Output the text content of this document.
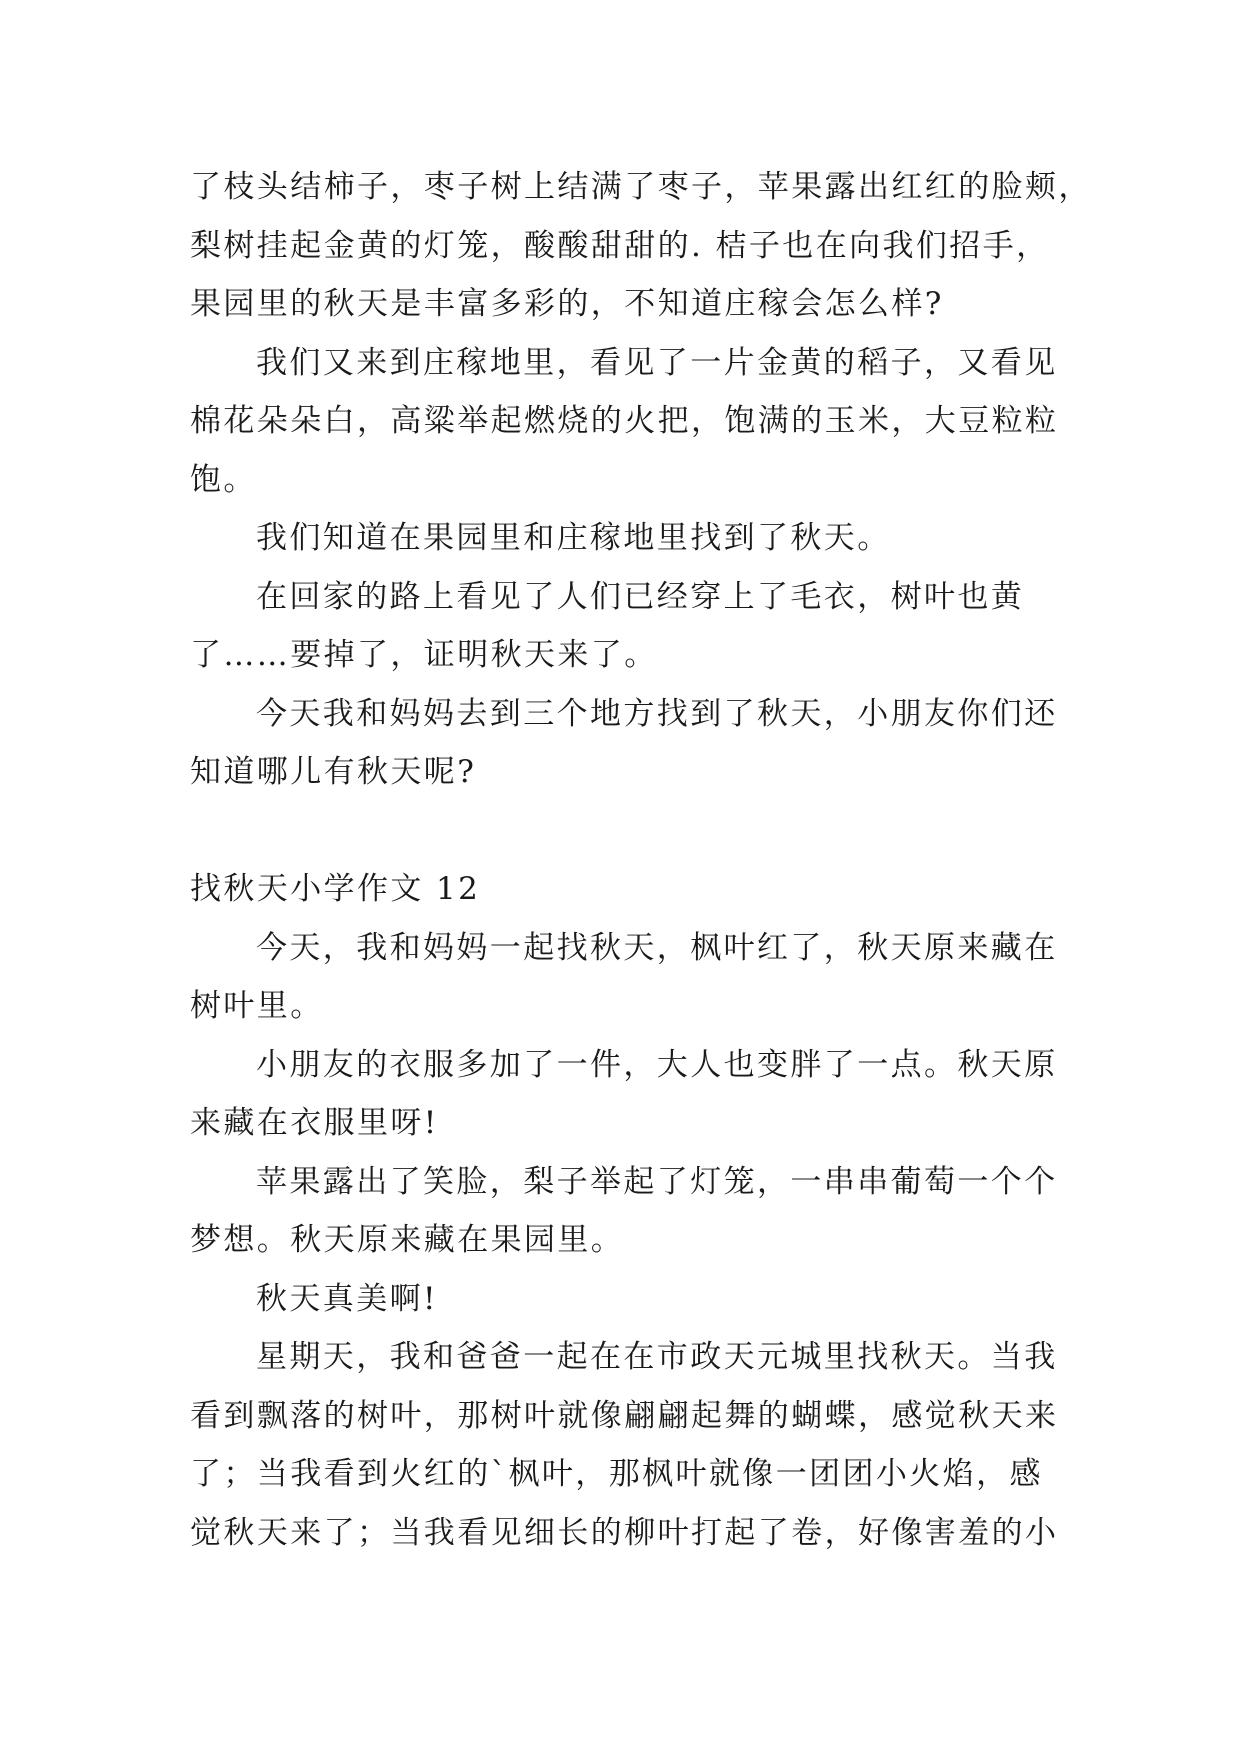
了枝头结柿子，枣子树上结满了枣子，苹果露出红红的脸颊，
梨树挂起金黄的灯笼，酸酸甜甜的. 桔子也在向我们招手，
果园里的秋天是丰富多彩的，不知道庄稼会怎么样?
我们又来到庄稼地里，看见了一片金黄的稻子，又看见
棉花朵朵白，高粱举起燃烧的火把，饱满的玉米，大豆粒粒
饱。
我们知道在果园里和庄稼地里找到了秋天。
在回家的路上看见了人们已经穿上了毛衣，树叶也黄
了……要掉了，证明秋天来了。
今天我和妈妈去到三个地方找到了秋天，小朋友你们还
知道哪儿有秋天呢?
找秋天小学作文 12
今天，我和妈妈一起找秋天，枫叶红了，秋天原来藏在
树叶里。
小朋友的衣服多加了一件，大人也变胖了一点。秋天原
来藏在衣服里呀!
苹果露出了笑脸，梨子举起了灯笼，一串串葡萄一个个
梦想。秋天原来藏在果园里。
秋天真美啊!
星期天，我和爸爸一起在在市政天元城里找秋天。当我
看到飘落的树叶，那树叶就像翩翩起舞的蝴蝶，感觉秋天来
了；当我看到火红的`枫叶，那枫叶就像一团团小火焰，感
觉秋天来了；当我看见细长的柳叶打起了卷，好像害羞的小
